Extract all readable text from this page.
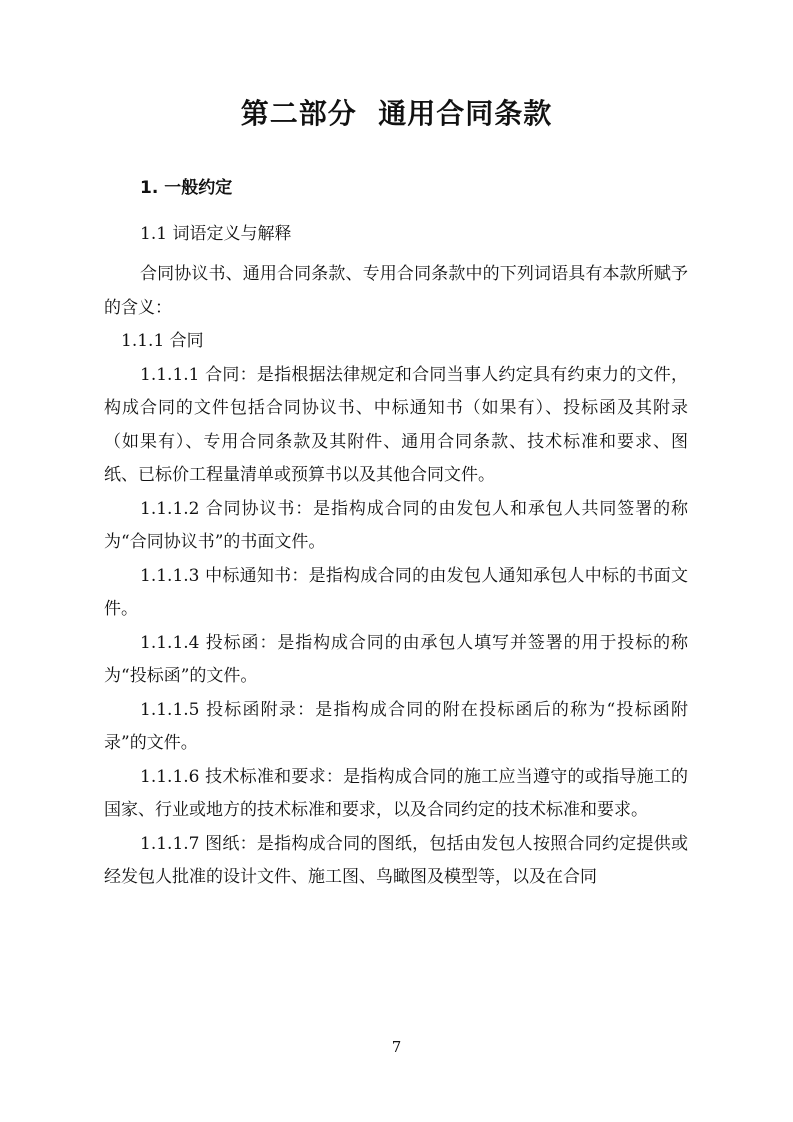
第二部分  通用合同条款
1. 一般约定
1.1 词语定义与解释

合同协议书、通用合同条款、专用合同条款中的下列词语具有本款所赋予的含义：

1.1.1 合同

1.1.1.1 合同：是指根据法律规定和合同当事人约定具有约束力的文件，构成合同的文件包括合同协议书、中标通知书（如果有）、投标函及其附录（如果有）、专用合同条款及其附件、通用合同条款、技术标准和要求、图纸、已标价工程量清单或预算书以及其他合同文件。

1.1.1.2 合同协议书：是指构成合同的由发包人和承包人共同签署的称为“合同协议书”的书面文件。

1.1.1.3 中标通知书：是指构成合同的由发包人通知承包人中标的书面文件。

1.1.1.4 投标函：是指构成合同的由承包人填写并签署的用于投标的称为“投标函”的文件。

1.1.1.5 投标函附录：是指构成合同的附在投标函后的称为“投标函附录”的文件。

1.1.1.6 技术标准和要求：是指构成合同的施工应当遵守的或指导施工的国家、行业或地方的技术标准和要求，以及合同约定的技术标准和要求。

1.1.1.7 图纸：是指构成合同的图纸，包括由发包人按照合同约定提供或经发包人批准的设计文件、施工图、鸟瞰图及模型等，以及在合同

7
